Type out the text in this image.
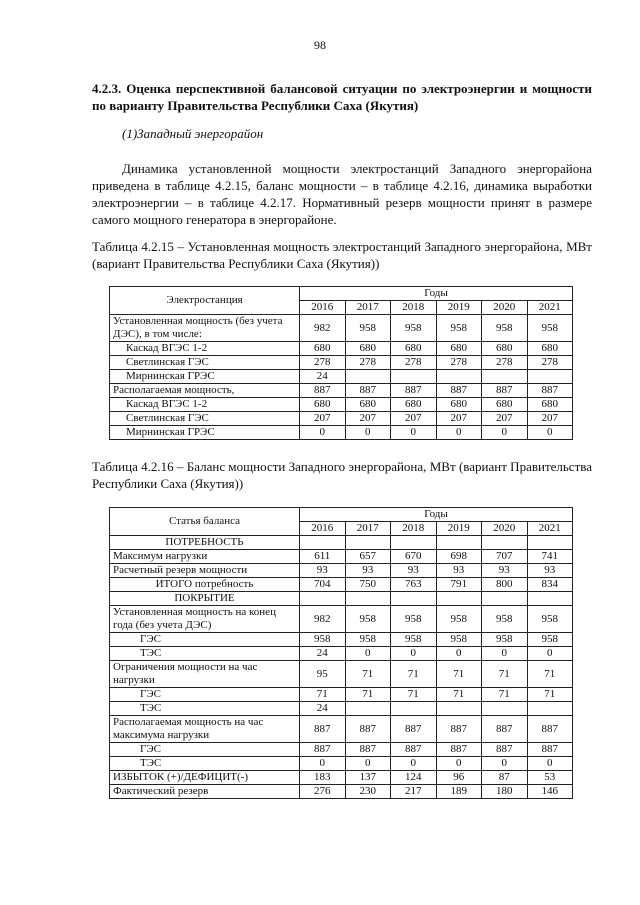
98
4.2.3. Оценка перспективной балансовой ситуации по электроэнергии и мощности по варианту Правительства Республики Саха (Якутия)
(1)Западный энергорайон
Динамика установленной мощности электростанций Западного энергорайона приведена в таблице 4.2.15, баланс мощности – в таблице 4.2.16, динамика выработки электроэнергии – в таблице 4.2.17. Нормативный резерв мощности принят в размере самого мощного генератора в энергорайоне.
Таблица 4.2.15 – Установленная мощность электростанций Западного энергорайона, МВт (вариант Правительства Республики Саха (Якутия))
Электростанция	Годы					
	2016	2017	2018	2019	2020	2021
Установленная мощность (без учета ДЭС), в том числе:	982	958	958	958	958	958
Каскад ВГЭС 1-2	680	680	680	680	680	680
Светлинская ГЭС	278	278	278	278	278	278
Мирнинская ГРЭС	24					
Располагаемая мощность,	887	887	887	887	887	887
Каскад ВГЭС 1-2	680	680	680	680	680	680
Светлинская ГЭС	207	207	207	207	207	207
Мирнинская ГРЭС	0	0	0	0	0	0
Таблица 4.2.16 – Баланс мощности Западного энергорайона, МВт (вариант Правительства Республики Саха (Якутия))
Статья баланса	Годы					
	2016	2017	2018	2019	2020	2021
ПОТРЕБНОСТЬ						
Максимум нагрузки	611	657	670	698	707	741
Расчетный резерв мощности	93	93	93	93	93	93
ИТОГО потребность	704	750	763	791	800	834
ПОКРЫТИЕ						
Установленная мощность на конец года (без учета ДЭС)	982	958	958	958	958	958
ГЭС	958	958	958	958	958	958
ТЭС	24	0	0	0	0	0
Ограничения мощности на час нагрузки	95	71	71	71	71	71
ГЭС	71	71	71	71	71	71
ТЭС	24					
Располагаемая мощность на час максимума нагрузки	887	887	887	887	887	887
ГЭС	887	887	887	887	887	887
ТЭС	0	0	0	0	0	0
ИЗБЫТОК (+)/ДЕФИЦИТ(-)	183	137	124	96	87	53
Фактический резерв	276	230	217	189	180	146
